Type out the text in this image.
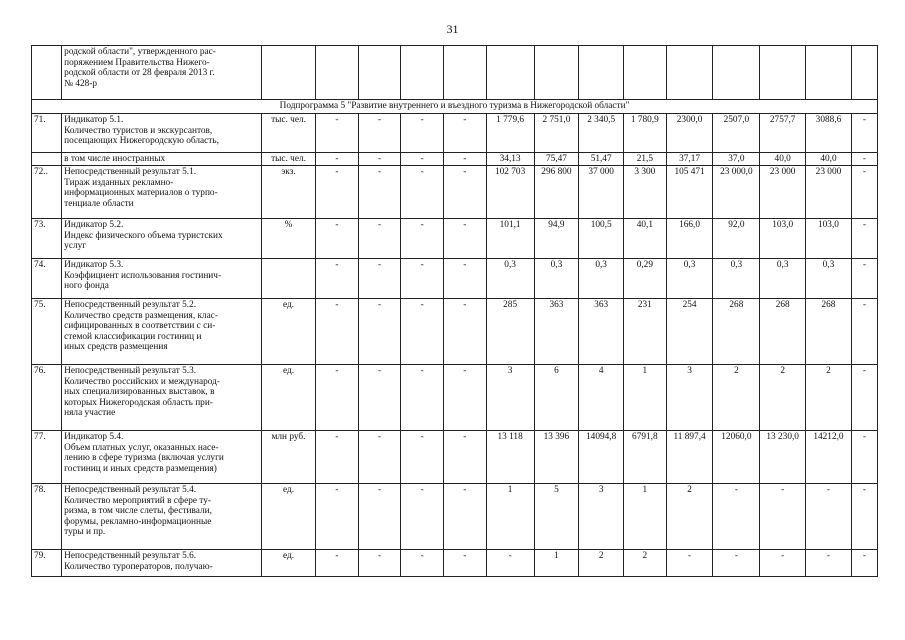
31

	родской области", утвержденного рас-
поряжением Правительства Нижего-
родской области от 28 февраля 2013 г.
№ 428-р														

Подпрограмма 5 "Развитие внутреннего и въездного туризма в Нижегородской области"															
71.	Индикатор 5.1.
Количество туристов и экскурсантов,
посещающих Нижегородскую область,	тыс. чел.	-	-	-	-	1 779,6	2 751,0	2 340,5	1 780,9	2300,0	2507,0	2757,7	3088,6	-

	в том числе иностранных	тыс. чел.	-	-	-	-	34,13	75,47	51,47	21,5	37,17	37,0	40,0	40,0	-
72..	Непосредственный результат 5.1.
Тираж изданных рекламно-
информационных материалов о турпо-
тенциале области	экз.	-	-	-	-	102 703	296 800	37 000	3 300	105 471	23 000,0	23 000	23 000	-
73.	Индикатор 5.2.
Индекс физического объема туристских
услуг	%	-	-	-	-	101,1	94,9	100,5	40,1	166,0	92,0	103,0	103,0	-
74.	Индикатор 5.3.
Коэффициент использования гостинич-
ного фонда		-	-	-	-	0,3	0,3	0,3	0,29	0,3	0,3	0,3	0,3	-
75.	Непосредственный результат 5.2.
Количество средств размещения, клас-
сифицированных в соответствии с си-
стемой классификации гостиниц и
иных средств размещения	ед.	-	-	-	-	285	363	363	231	254	268	268	268	-
76.	Непосредственный результат 5.3.
Количество российских и международ-
ных специализированных выставок, в
которых Нижегородская область при-
няла участие	ед.	-	-	-	-	3	6	4	1	3	2	2	2	-
77.	Индикатор 5.4.
Объем платных услуг, оказанных насе-
лению в сфере туризма (включая услуги
гостиниц и иных средств размещения)	млн руб.	-	-	-	-	13 118	13 396	14094,8	6791,8	11 897,4	12060,0	13 230,0	14212,0	-
78.	Непосредственный результат 5.4.
Количество мероприятий в сфере ту-
ризма, в том числе слеты, фестивали,
форумы, рекламно-информационные
туры и пр.	ед.	-	-	-	-	1	5	3	1	2	-	-	-	-
79.	Непосредственный результат 5.6.
Количество туроператоров, получаю-	ед.	-	-	-	-	-	1	2	2	-	-	-	-	-
